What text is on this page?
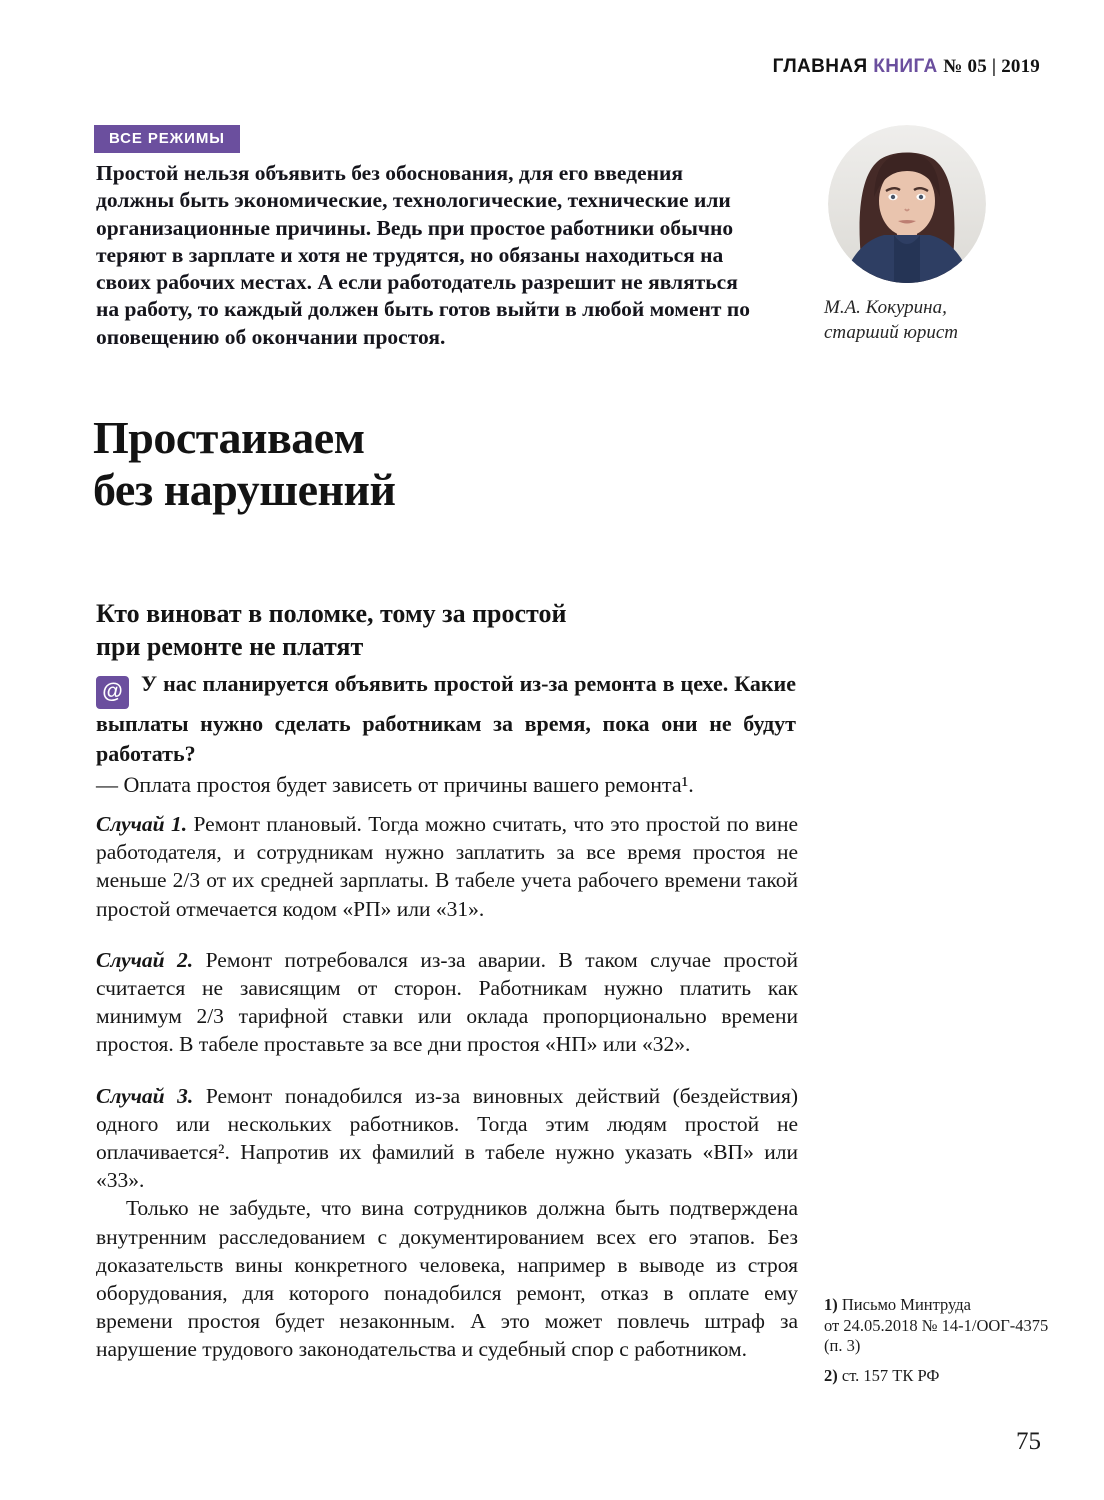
ГЛАВНАЯ КНИГА № 05 | 2019
ВСЕ РЕЖИМЫ
Простой нельзя объявить без обоснования, для его введения должны быть экономические, технологические, технические или организационные причины. Ведь при простое работники обычно теряют в зарплате и хотя не трудятся, но обязаны находиться на своих рабочих местах. А если работодатель разрешит не являться на работу, то каждый должен быть готов выйти в любой момент по оповещению об окончании простоя.
М.А. Кокурина,
старший юрист
Простаиваем
без нарушений
Кто виноват в поломке, тому за простой
при ремонте не платят

@ У нас планируется объявить простой из-за ремонта в цехе. Какие выплаты нужно сделать работникам за время, пока они не будут работать?

— Оплата простоя будет зависеть от причины вашего ремонта¹.

Случай 1. Ремонт плановый. Тогда можно считать, что это простой по вине работодателя, и сотрудникам нужно заплатить за все время простоя не меньше 2/3 от их средней зарплаты. В табеле учета рабочего времени такой простой отмечается кодом «РП» или «31».

Случай 2. Ремонт потребовался из-за аварии. В таком случае простой считается не зависящим от сторон. Работникам нужно платить как минимум 2/3 тарифной ставки или оклада пропорционально времени простоя. В табеле проставьте за все дни простоя «НП» или «32».

Случай 3. Ремонт понадобился из-за виновных действий (бездействия) одного или нескольких работников. Тогда этим людям простой не оплачивается². Напротив их фамилий в табеле нужно указать «ВП» или «33».

Только не забудьте, что вина сотрудников должна быть подтверждена внутренним расследованием с документированием всех его этапов. Без доказательств вины конкретного человека, например в выводе из строя оборудования, для которого понадобился ремонт, отказ в оплате ему времени простоя будет незаконным. А это может повлечь штраф за нарушение трудового законодательства и судебный спор с работником.

1) Письмо Минтруда
от 24.05.2018 № 14-1/ООГ-4375
(п. 3)
2) ст. 157 ТК РФ
75
